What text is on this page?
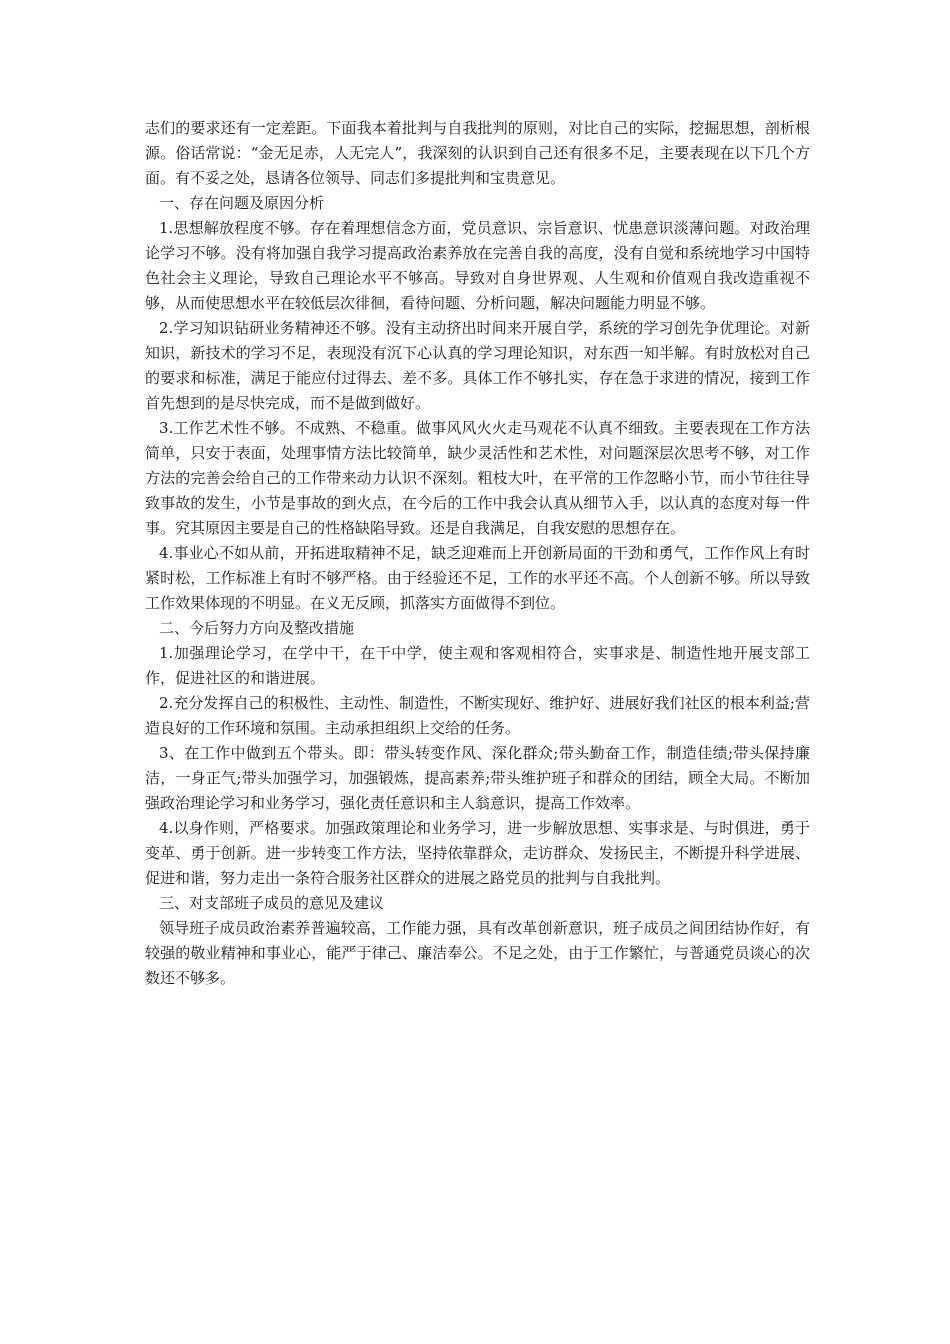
志们的要求还有一定差距。下面我本着批判与自我批判的原则，对比自己的实际，挖掘思想，剖析根源。俗话常说：“金无足赤，人无完人”，我深刻的认识到自己还有很多不足，主要表现在以下几个方面。有不妥之处，恳请各位领导、同志们多提批判和宝贵意见。

一、存在问题及原因分析

1.思想解放程度不够。存在着理想信念方面，党员意识、宗旨意识、忧患意识淡薄问题。对政治理论学习不够。没有将加强自我学习提高政治素养放在完善自我的高度，没有自觉和系统地学习中国特色社会主义理论，导致自己理论水平不够高。导致对自身世界观、人生观和价值观自我改造重视不够，从而使思想水平在较低层次徘徊，看待问题、分析问题，解决问题能力明显不够。

2.学习知识钻研业务精神还不够。没有主动挤出时间来开展自学，系统的学习创先争优理论。对新知识，新技术的学习不足，表现没有沉下心认真的学习理论知识，对东西一知半解。有时放松对自己的要求和标准，满足于能应付过得去、差不多。具体工作不够扎实，存在急于求进的情况，接到工作首先想到的是尽快完成，而不是做到做好。

3.工作艺术性不够。不成熟、不稳重。做事风风火火走马观花不认真不细致。主要表现在工作方法简单，只安于表面，处理事情方法比较简单，缺少灵活性和艺术性，对问题深层次思考不够，对工作方法的完善会给自己的工作带来动力认识不深刻。粗枝大叶，在平常的工作忽略小节，而小节往往导致事故的发生，小节是事故的到火点，在今后的工作中我会认真从细节入手，以认真的态度对每一件事。究其原因主要是自己的性格缺陷导致。还是自我满足，自我安慰的思想存在。

4.事业心不如从前，开拓进取精神不足，缺乏迎难而上开创新局面的干劲和勇气，工作作风上有时紧时松，工作标准上有时不够严格。由于经验还不足，工作的水平还不高。个人创新不够。所以导致工作效果体现的不明显。在义无反顾，抓落实方面做得不到位。

二、今后努力方向及整改措施

1.加强理论学习，在学中干，在干中学，使主观和客观相符合，实事求是、制造性地开展支部工作，促进社区的和谐进展。

2.充分发挥自己的积极性、主动性、制造性，不断实现好、维护好、进展好我们社区的根本利益;营造良好的工作环境和氛围。主动承担组织上交给的任务。

3、在工作中做到五个带头。即：带头转变作风、深化群众;带头勤奋工作，制造佳绩;带头保持廉洁，一身正气;带头加强学习，加强锻炼，提高素养;带头维护班子和群众的团结，顾全大局。不断加强政治理论学习和业务学习，强化责任意识和主人翁意识，提高工作效率。

4.以身作则，严格要求。加强政策理论和业务学习，进一步解放思想、实事求是、与时俱进，勇于变革、勇于创新。进一步转变工作方法，坚持依靠群众，走访群众、发扬民主，不断提升科学进展、促进和谐，努力走出一条符合服务社区群众的进展之路党员的批判与自我批判。

三、对支部班子成员的意见及建议

领导班子成员政治素养普遍较高，工作能力强，具有改革创新意识，班子成员之间团结协作好，有较强的敬业精神和事业心，能严于律己、廉洁奉公。不足之处，由于工作繁忙，与普通党员谈心的次数还不够多。
